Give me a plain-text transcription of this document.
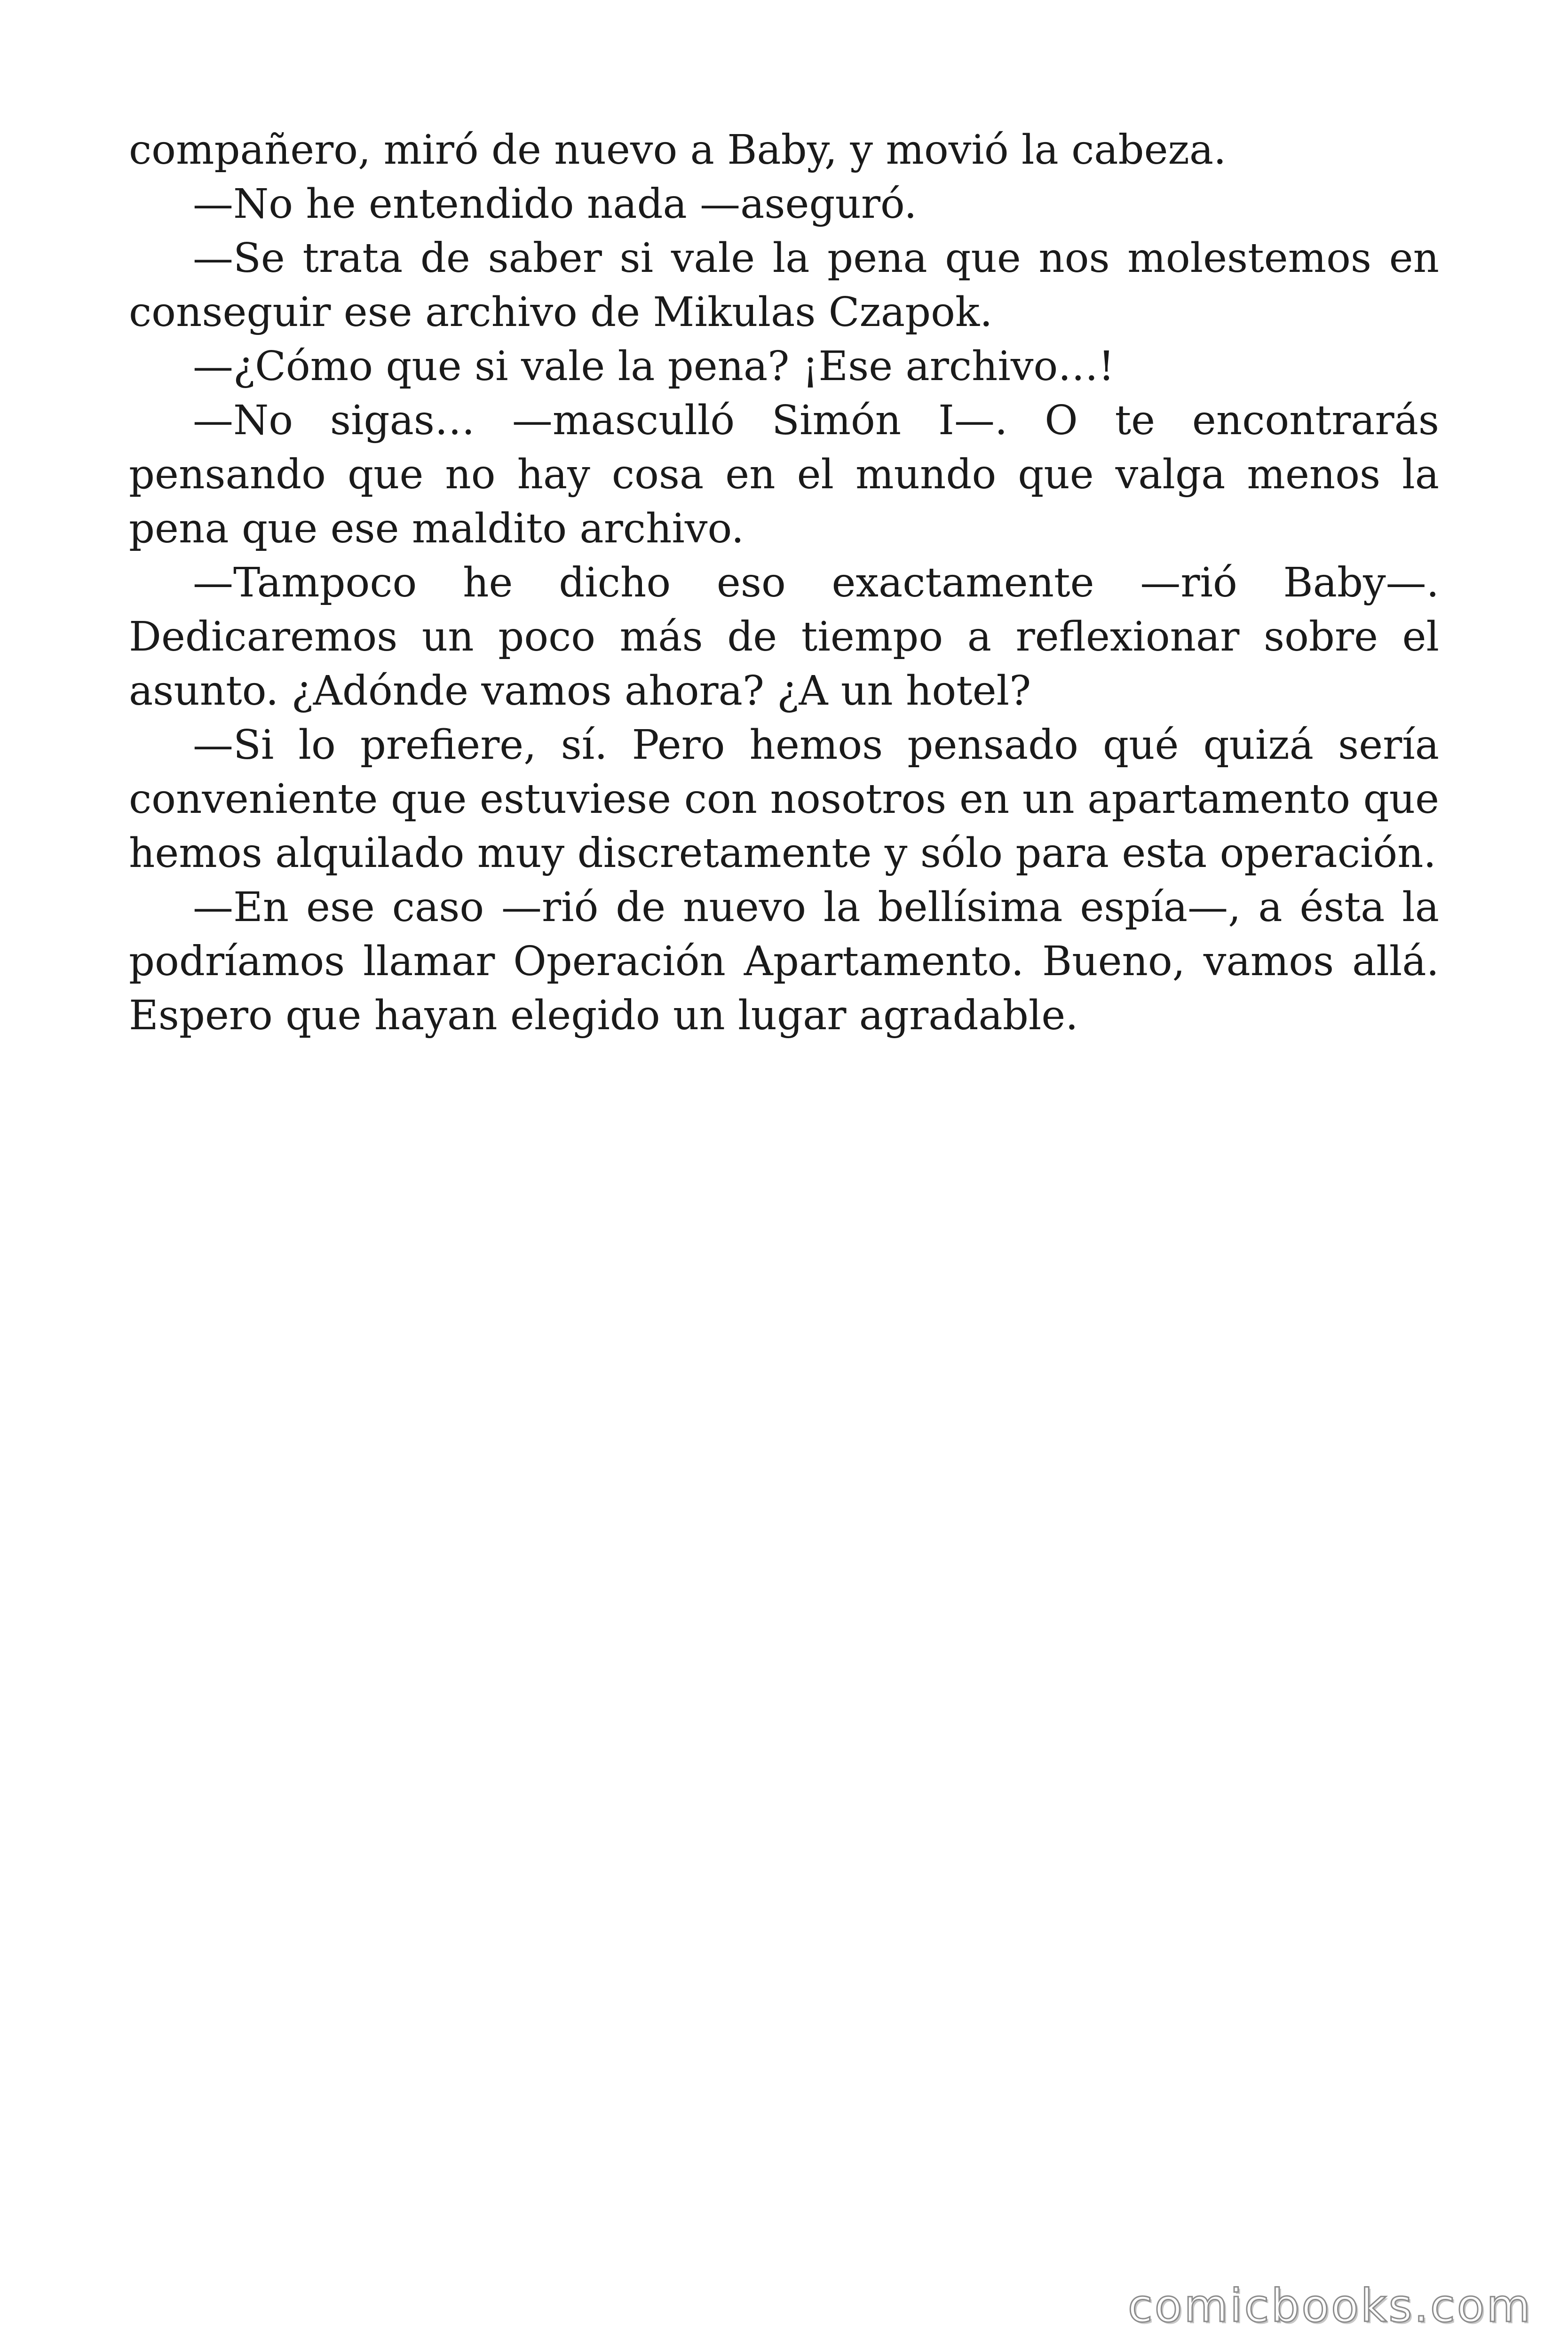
compañero, miró de nuevo a Baby, y movió la cabeza.

—No he entendido nada —aseguró.

—Se trata de saber si vale la pena que nos molestemos en conseguir ese archivo de Mikulas Czapok.

—¿Cómo que si vale la pena? ¡Ese archivo…!

—No sigas… —mascullό Simón I—. O te encontrarás pensando que no hay cosa en el mundo que valga menos la pena que ese maldito archivo.

—Tampoco he dicho eso exactamente —rió Baby—. Dedicaremos un poco más de tiempo a reflexionar sobre el asunto. ¿Adónde vamos ahora? ¿A un hotel?

—Si lo prefiere, sí. Pero hemos pensado qué quizá sería conveniente que estuviese con nosotros en un apartamento que hemos alquilado muy discretamente y sólo para esta operación.

—En ese caso —rió de nuevo la bellísima espía—, a ésta la podríamos llamar Operación Apartamento. Bueno, vamos allá. Espero que hayan elegido un lugar agradable.

comicbooks.com
